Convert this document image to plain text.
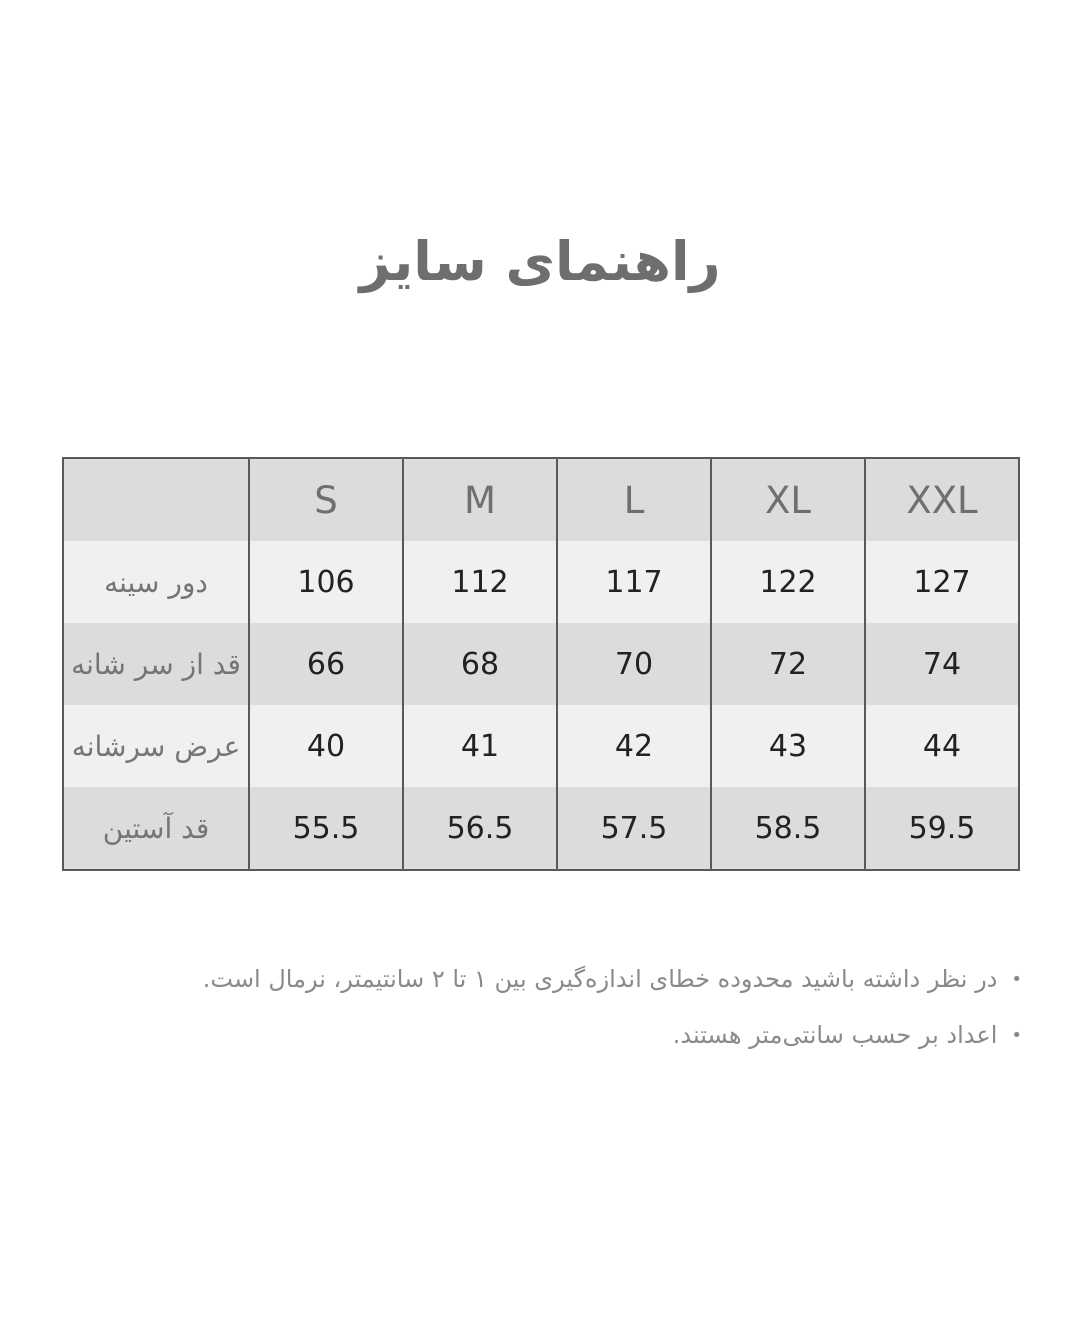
راهنمای سایز
	S	M	L	XL	XXL
دور سینه	106	112	117	122	127
قد از سر شانه	66	68	70	72	74
عرض سرشانه	40	41	42	43	44
قد آستین	55.5	56.5	57.5	58.5	59.5
•در نظر داشته باشید محدوده خطای اندازه‌گیری بین ۱ تا ۲ سانتیمتر، نرمال است.
•اعداد بر حسب سانتی‌متر هستند.
